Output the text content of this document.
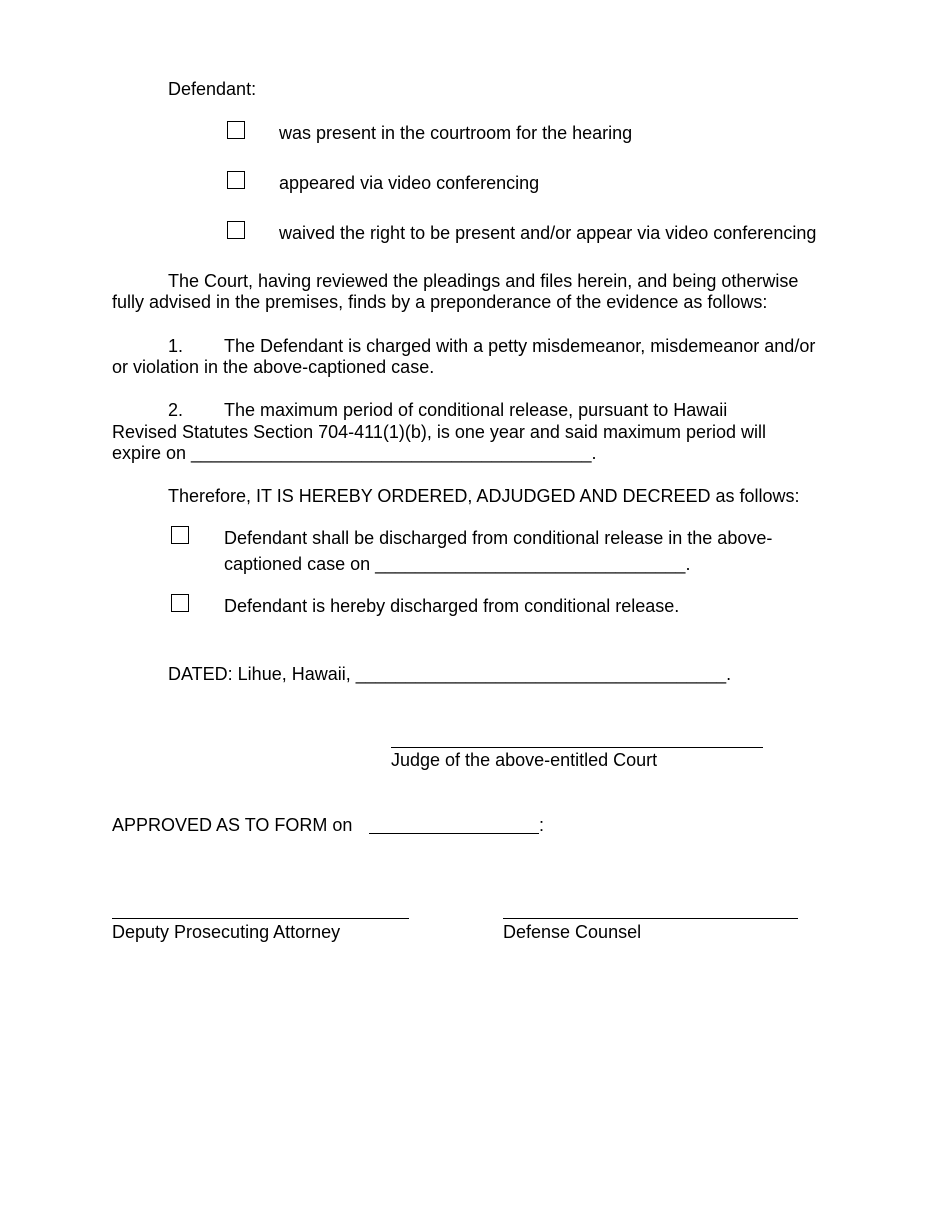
Defendant:
was present in the courtroom for the hearing
appeared via video conferencing
waived the right to be present and/or appear via video conferencing
The Court, having reviewed the pleadings and files herein, and being otherwise
fully advised in the premises, finds by a preponderance of the evidence as follows:
1. The Defendant is charged with a petty misdemeanor, misdemeanor and/or
or violation in the above-captioned case.
2. The maximum period of conditional release, pursuant to Hawaii
Revised Statutes Section 704-411(1)(b), is one year and said maximum period will
expire on ________________________________________.
Therefore, IT IS HEREBY ORDERED, ADJUDGED AND DECREED as follows:
Defendant shall be discharged from conditional release in the above-
captioned case on _______________________________.
Defendant is hereby discharged from conditional release.
DATED: Lihue, Hawaii, _____________________________________.
Judge of the above-entitled Court
APPROVED AS TO FORM on	:
Deputy Prosecuting Attorney	Defense Counsel
